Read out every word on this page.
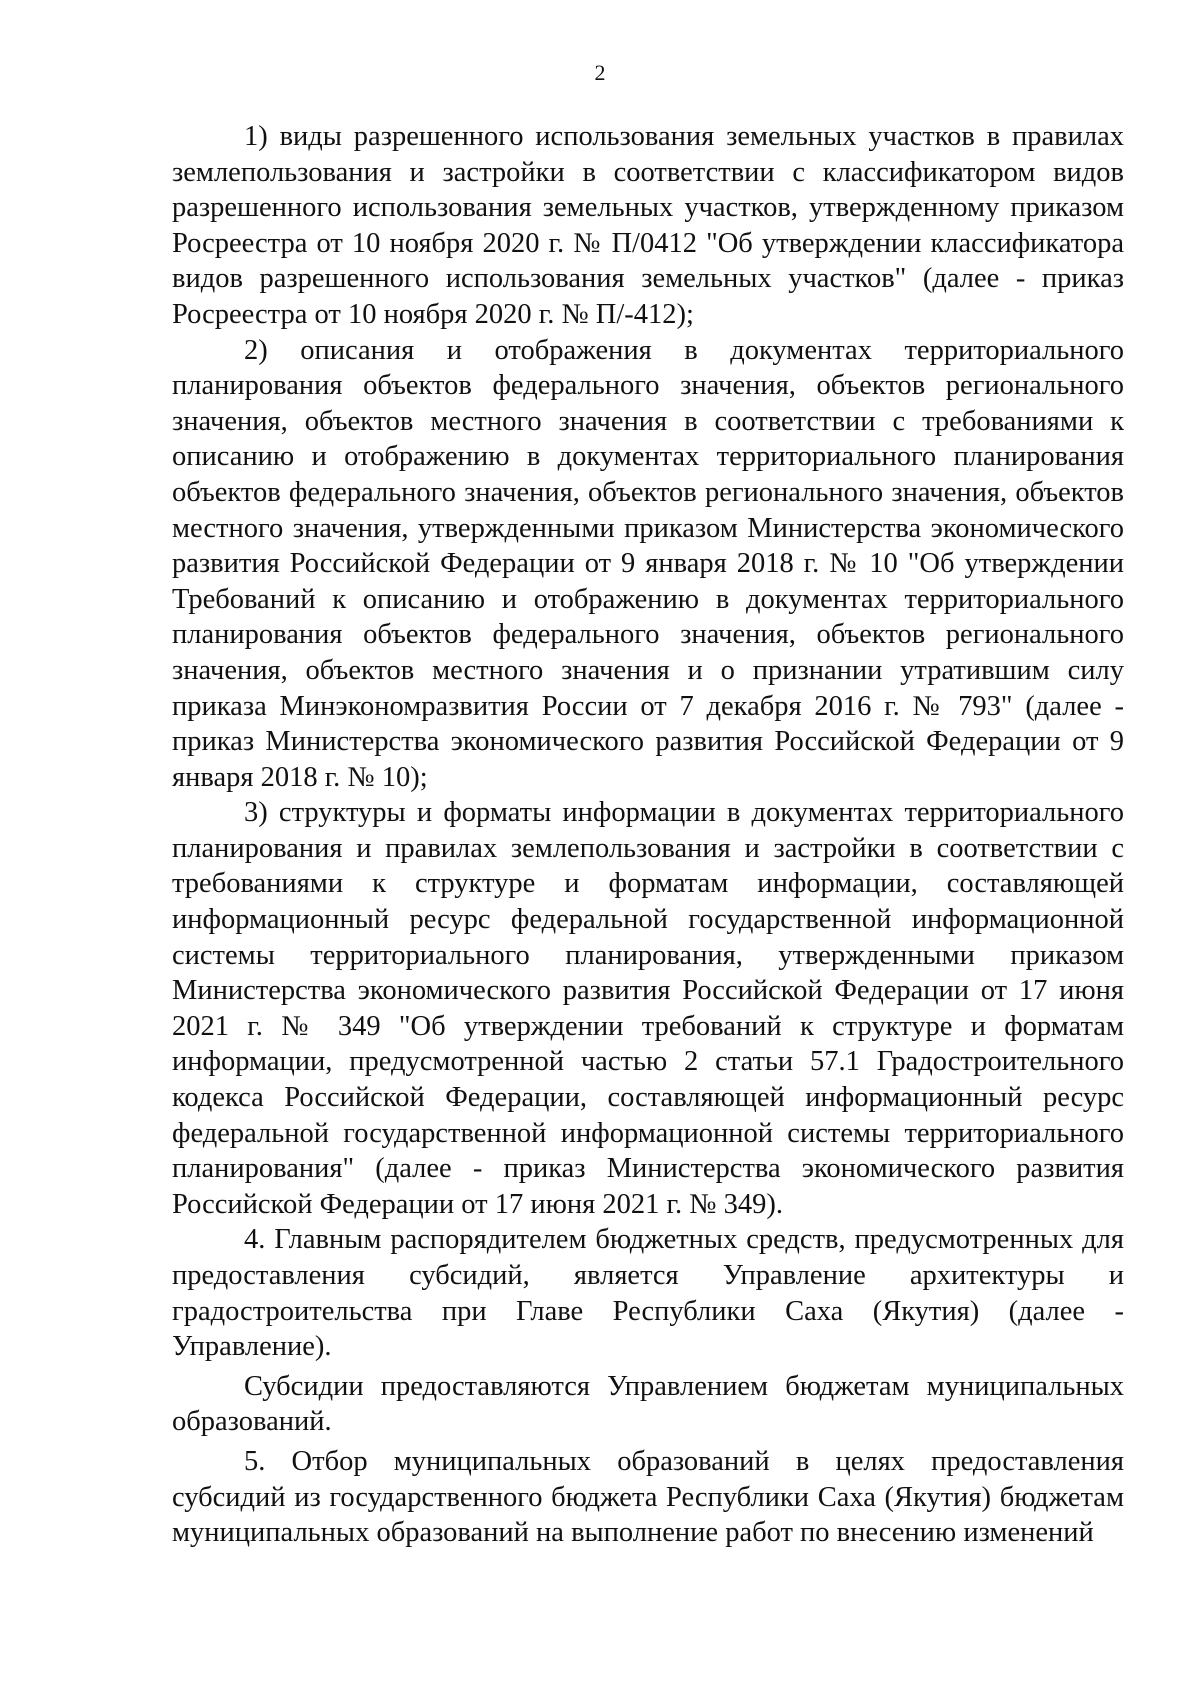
2

1) виды разрешенного использования земельных участков в правилах землепользования и застройки в соответствии с классификатором видов разрешенного использования земельных участков, утвержденному приказом Росреестра от 10 ноября 2020 г. № П/0412 "Об утверждении классификатора видов разрешенного использования земельных участков" (далее - приказ Росреестра от 10 ноября 2020 г. № П/-412);

2) описания и отображения в документах территориального планирования объектов федерального значения, объектов регионального значения, объектов местного значения в соответствии с требованиями к описанию и отображению в документах территориального планирования объектов федерального значения, объектов регионального значения, объектов местного значения, утвержденными приказом Министерства экономического развития Российской Федерации от 9 января 2018 г. № 10 "Об утверждении Требований к описанию и отображению в документах территориального планирования объектов федерального значения, объектов регионального значения, объектов местного значения и о признании утратившим силу приказа Минэкономразвития России от 7 декабря 2016 г. № 793" (далее - приказ Министерства экономического развития Российской Федерации от 9 января 2018 г. № 10);

3) структуры и форматы информации в документах территориального планирования и правилах землепользования и застройки в соответствии с требованиями к структуре и форматам информации, составляющей информационный ресурс федеральной государственной информационной системы территориального планирования, утвержденными приказом Министерства экономического развития Российской Федерации от 17 июня 2021 г. № 349 "Об утверждении требований к структуре и форматам информации, предусмотренной частью 2 статьи 57.1 Градостроительного кодекса Российской Федерации, составляющей информационный ресурс федеральной государственной информационной системы территориального планирования" (далее - приказ Министерства экономического развития Российской Федерации от 17 июня 2021 г. № 349).

4. Главным распорядителем бюджетных средств, предусмотренных для предоставления субсидий, является Управление архитектуры и градостроительства при Главе Республики Саха (Якутия) (далее - Управление).

Субсидии предоставляются Управлением бюджетам муниципальных образований.

5. Отбор муниципальных образований в целях предоставления субсидий из государственного бюджета Республики Саха (Якутия) бюджетам муниципальных образований на выполнение работ по внесению изменений
